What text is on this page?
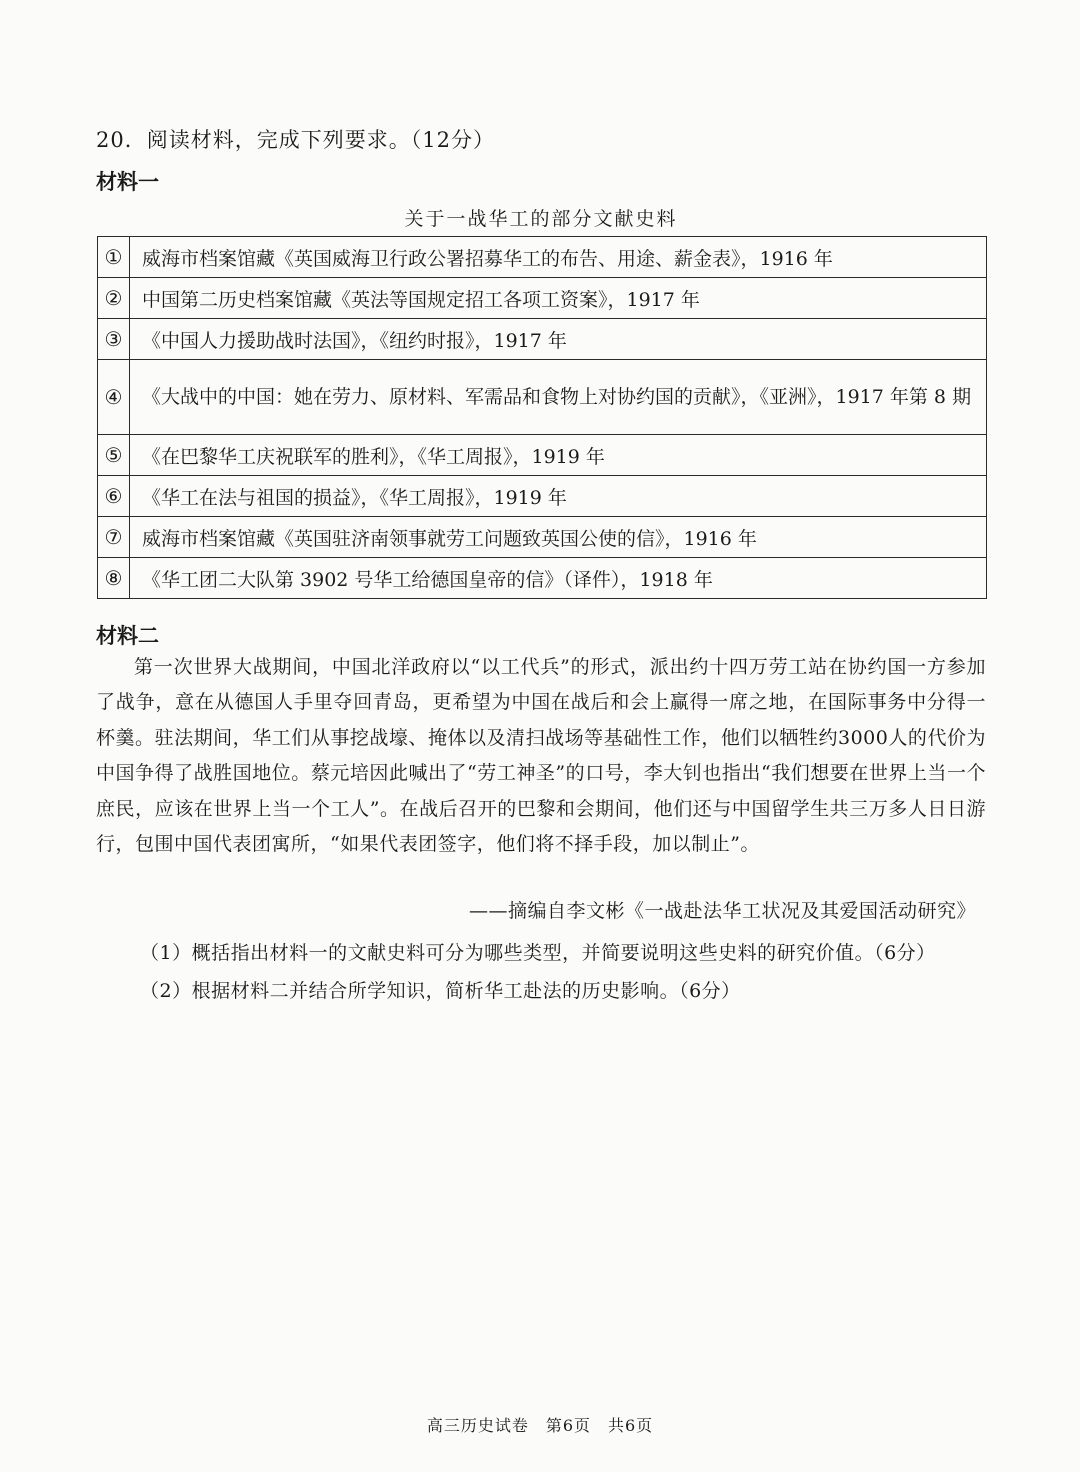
20．阅读材料，完成下列要求。（12分）
材料一
关于一战华工的部分文献史料
①	威海市档案馆藏《英国威海卫行政公署招募华工的布告、用途、薪金表》，1916 年
②	中国第二历史档案馆藏《英法等国规定招工各项工资案》，1917 年
③	《中国人力援助战时法国》，《纽约时报》，1917 年
④	《大战中的中国：她在劳力、原材料、军需品和食物上对协约国的贡献》，《亚洲》，1917 年第 8 期
⑤	《在巴黎华工庆祝联军的胜利》，《华工周报》，1919 年
⑥	《华工在法与祖国的损益》，《华工周报》，1919 年
⑦	威海市档案馆藏《英国驻济南领事就劳工问题致英国公使的信》，1916 年
⑧	《华工团二大队第 3902 号华工给德国皇帝的信》（译件），1918 年
材料二
第一次世界大战期间，中国北洋政府以“以工代兵”的形式，派出约十四万劳工站在协约国一方参加了战争，意在从德国人手里夺回青岛，更希望为中国在战后和会上赢得一席之地，在国际事务中分得一杯羹。驻法期间，华工们从事挖战壕、掩体以及清扫战场等基础性工作，他们以牺牲约3000人的代价为中国争得了战胜国地位。蔡元培因此喊出了“劳工神圣”的口号，李大钊也指出“我们想要在世界上当一个庶民，应该在世界上当一个工人”。在战后召开的巴黎和会期间，他们还与中国留学生共三万多人日日游行，包围中国代表团寓所，“如果代表团签字，他们将不择手段，加以制止”。
——摘编自李文彬《一战赴法华工状况及其爱国活动研究》
（1）概括指出材料一的文献史料可分为哪些类型，并简要说明这些史料的研究价值。（6分）
（2）根据材料二并结合所学知识，简析华工赴法的历史影响。（6分）
高三历史试卷　第6页　共6页
